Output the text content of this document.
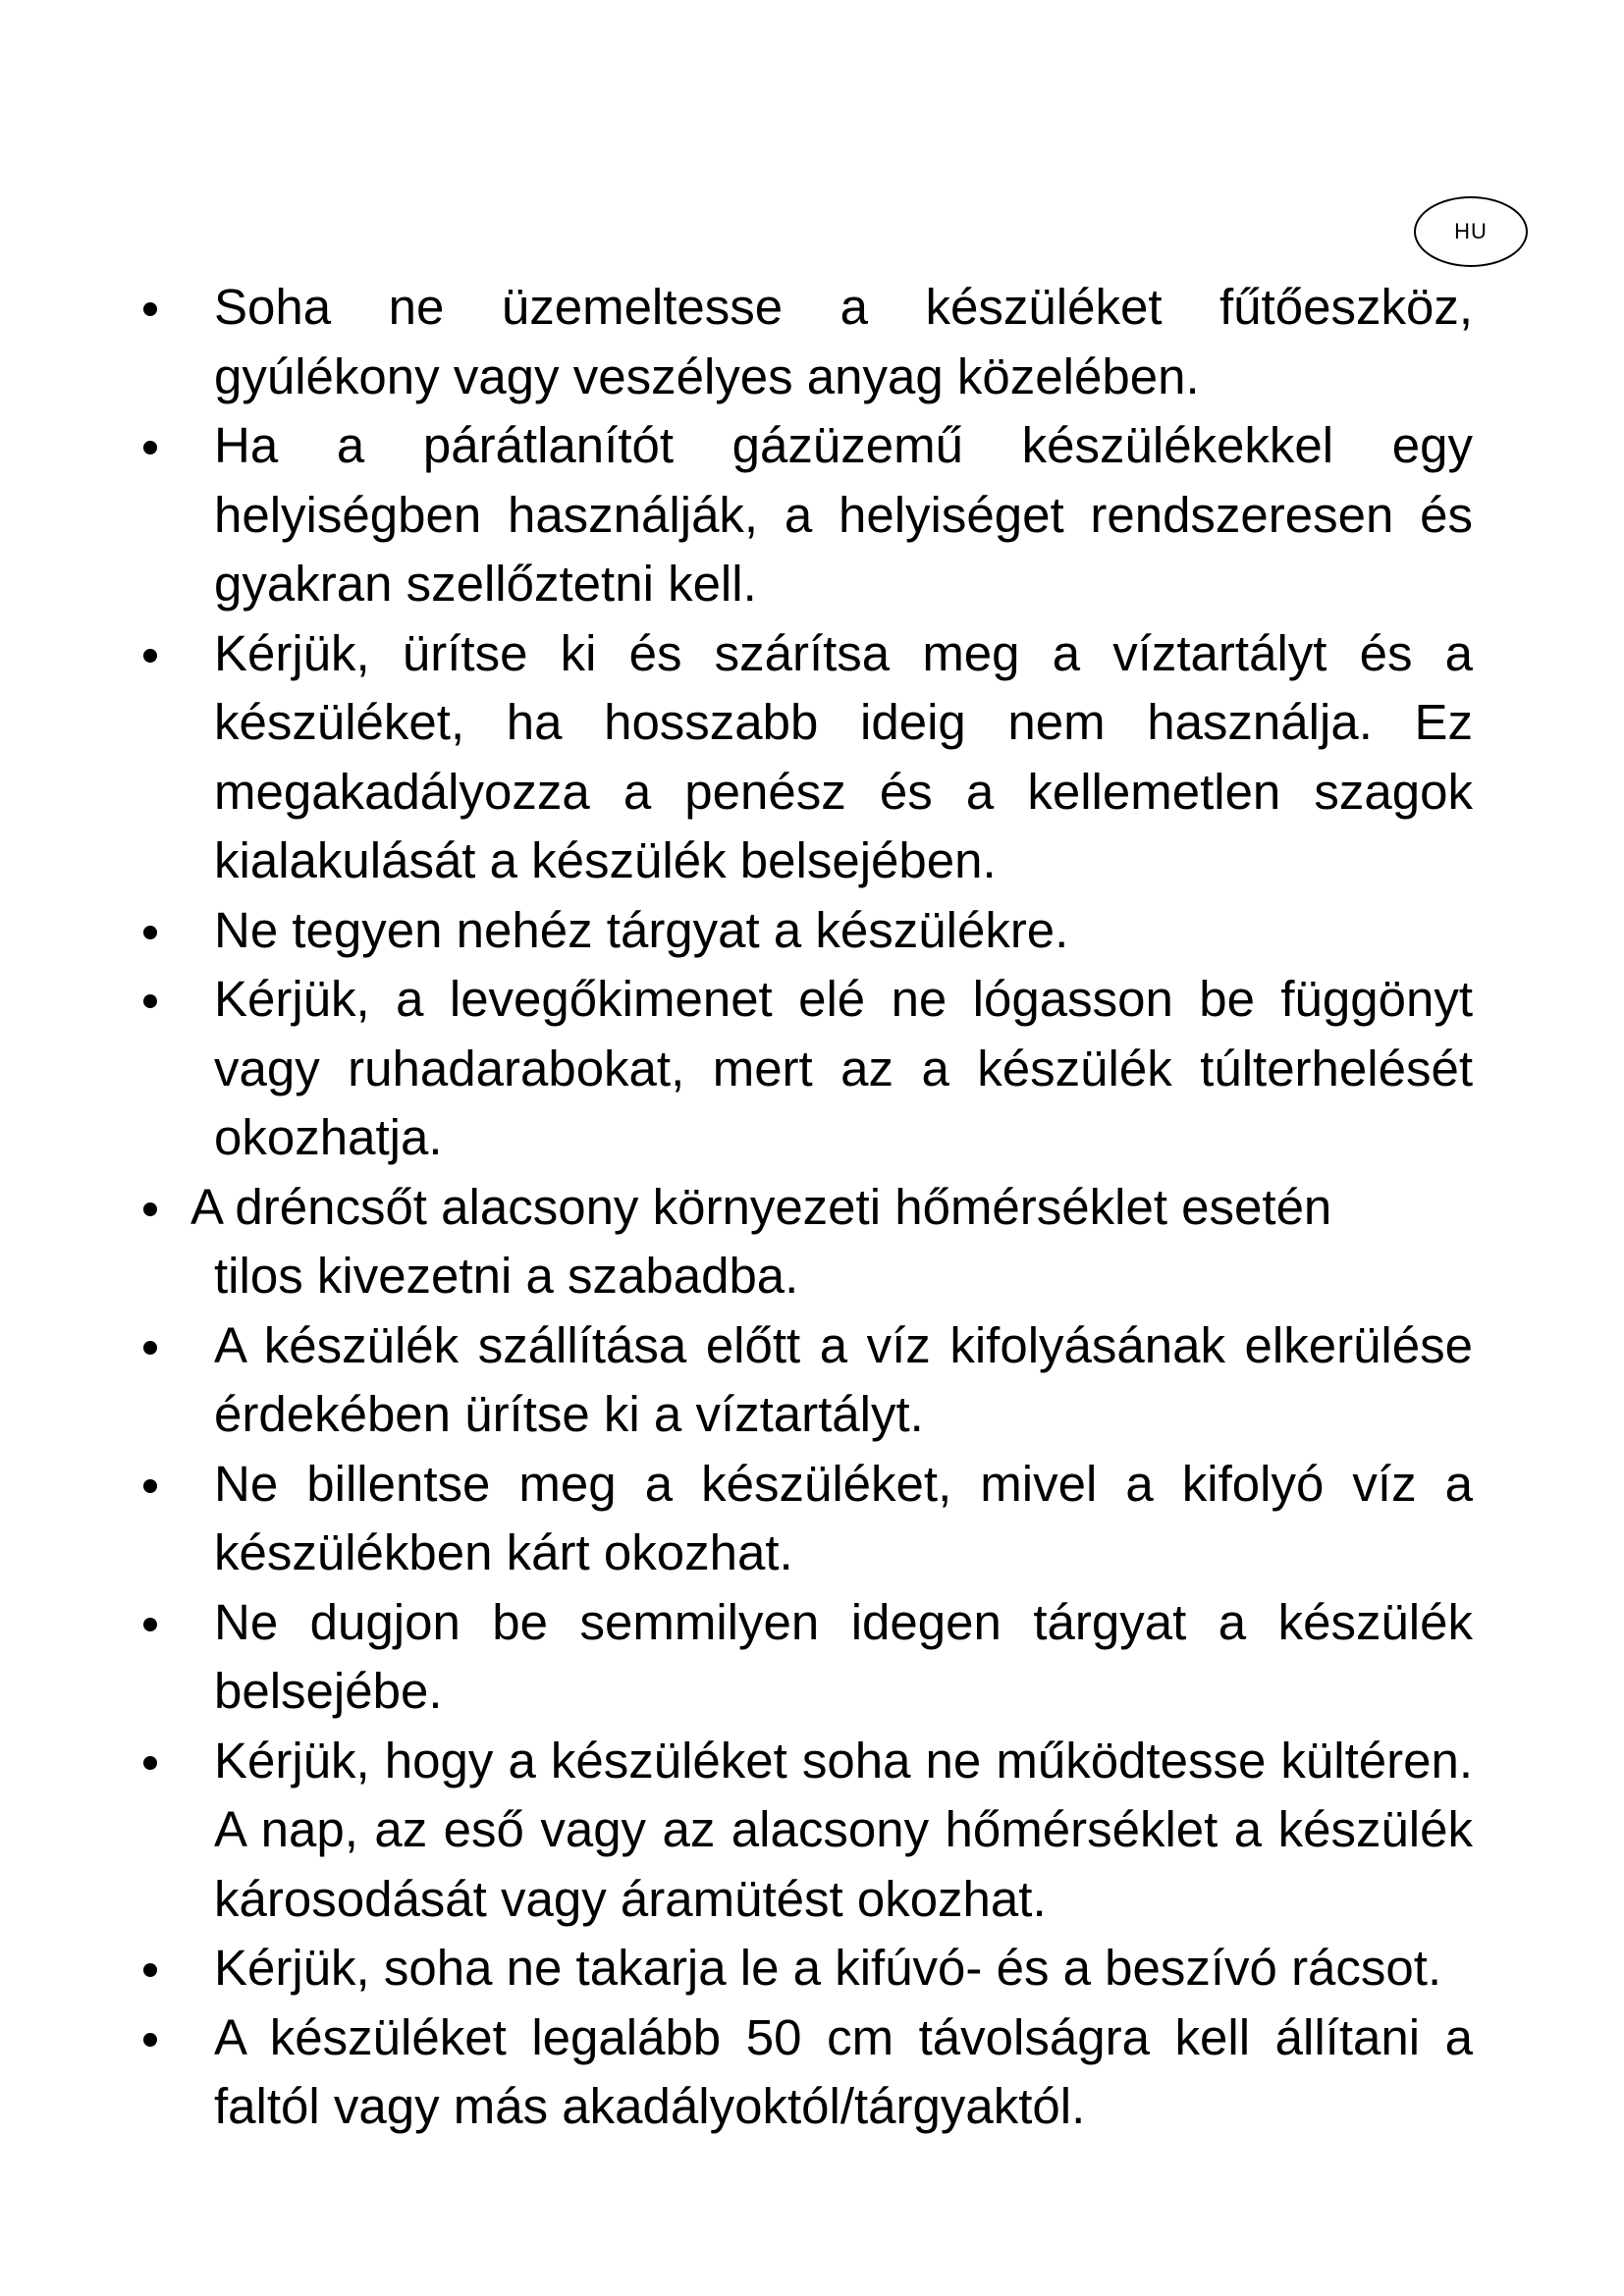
HU
Soha ne üzemeltesse a készüléket fűtőeszköz, gyúlékony vagy veszélyes anyag közelében.
Ha a párátlanítót gázüzemű készülékekkel egy helyiségben használják, a helyiséget rendszeresen és gyakran szellőztetni kell.
Kérjük, ürítse ki és szárítsa meg a víztartályt és a készüléket, ha hosszabb ideig nem használja. Ez megakadályozza a penész és a kellemetlen szagok kialakulását a készülék belsejében.
Ne tegyen nehéz tárgyat a készülékre.
Kérjük, a levegőkimenet elé ne lógasson be függönyt vagy ruhadarabokat, mert az a készülék túlterhelését okozhatja.
A dréncsőt alacsony környezeti hőmérséklet esetén
tilos kivezetni a szabadba.
A készülék szállítása előtt a víz kifolyásának elkerülése érdekében ürítse ki a víztartályt.
Ne billentse meg a készüléket, mivel a kifolyó víz a készülékben kárt okozhat.
Ne dugjon be semmilyen idegen tárgyat a készülék belsejébe.
Kérjük, hogy a készüléket soha ne működtesse kültéren. A nap, az eső vagy az alacsony hőmérséklet a készülék károsodását vagy áramütést okozhat.
Kérjük, soha ne takarja le a kifúvó- és a beszívó rácsot.
A készüléket legalább 50 cm távolságra kell állítani a faltól vagy más akadályoktól/tárgyaktól.
